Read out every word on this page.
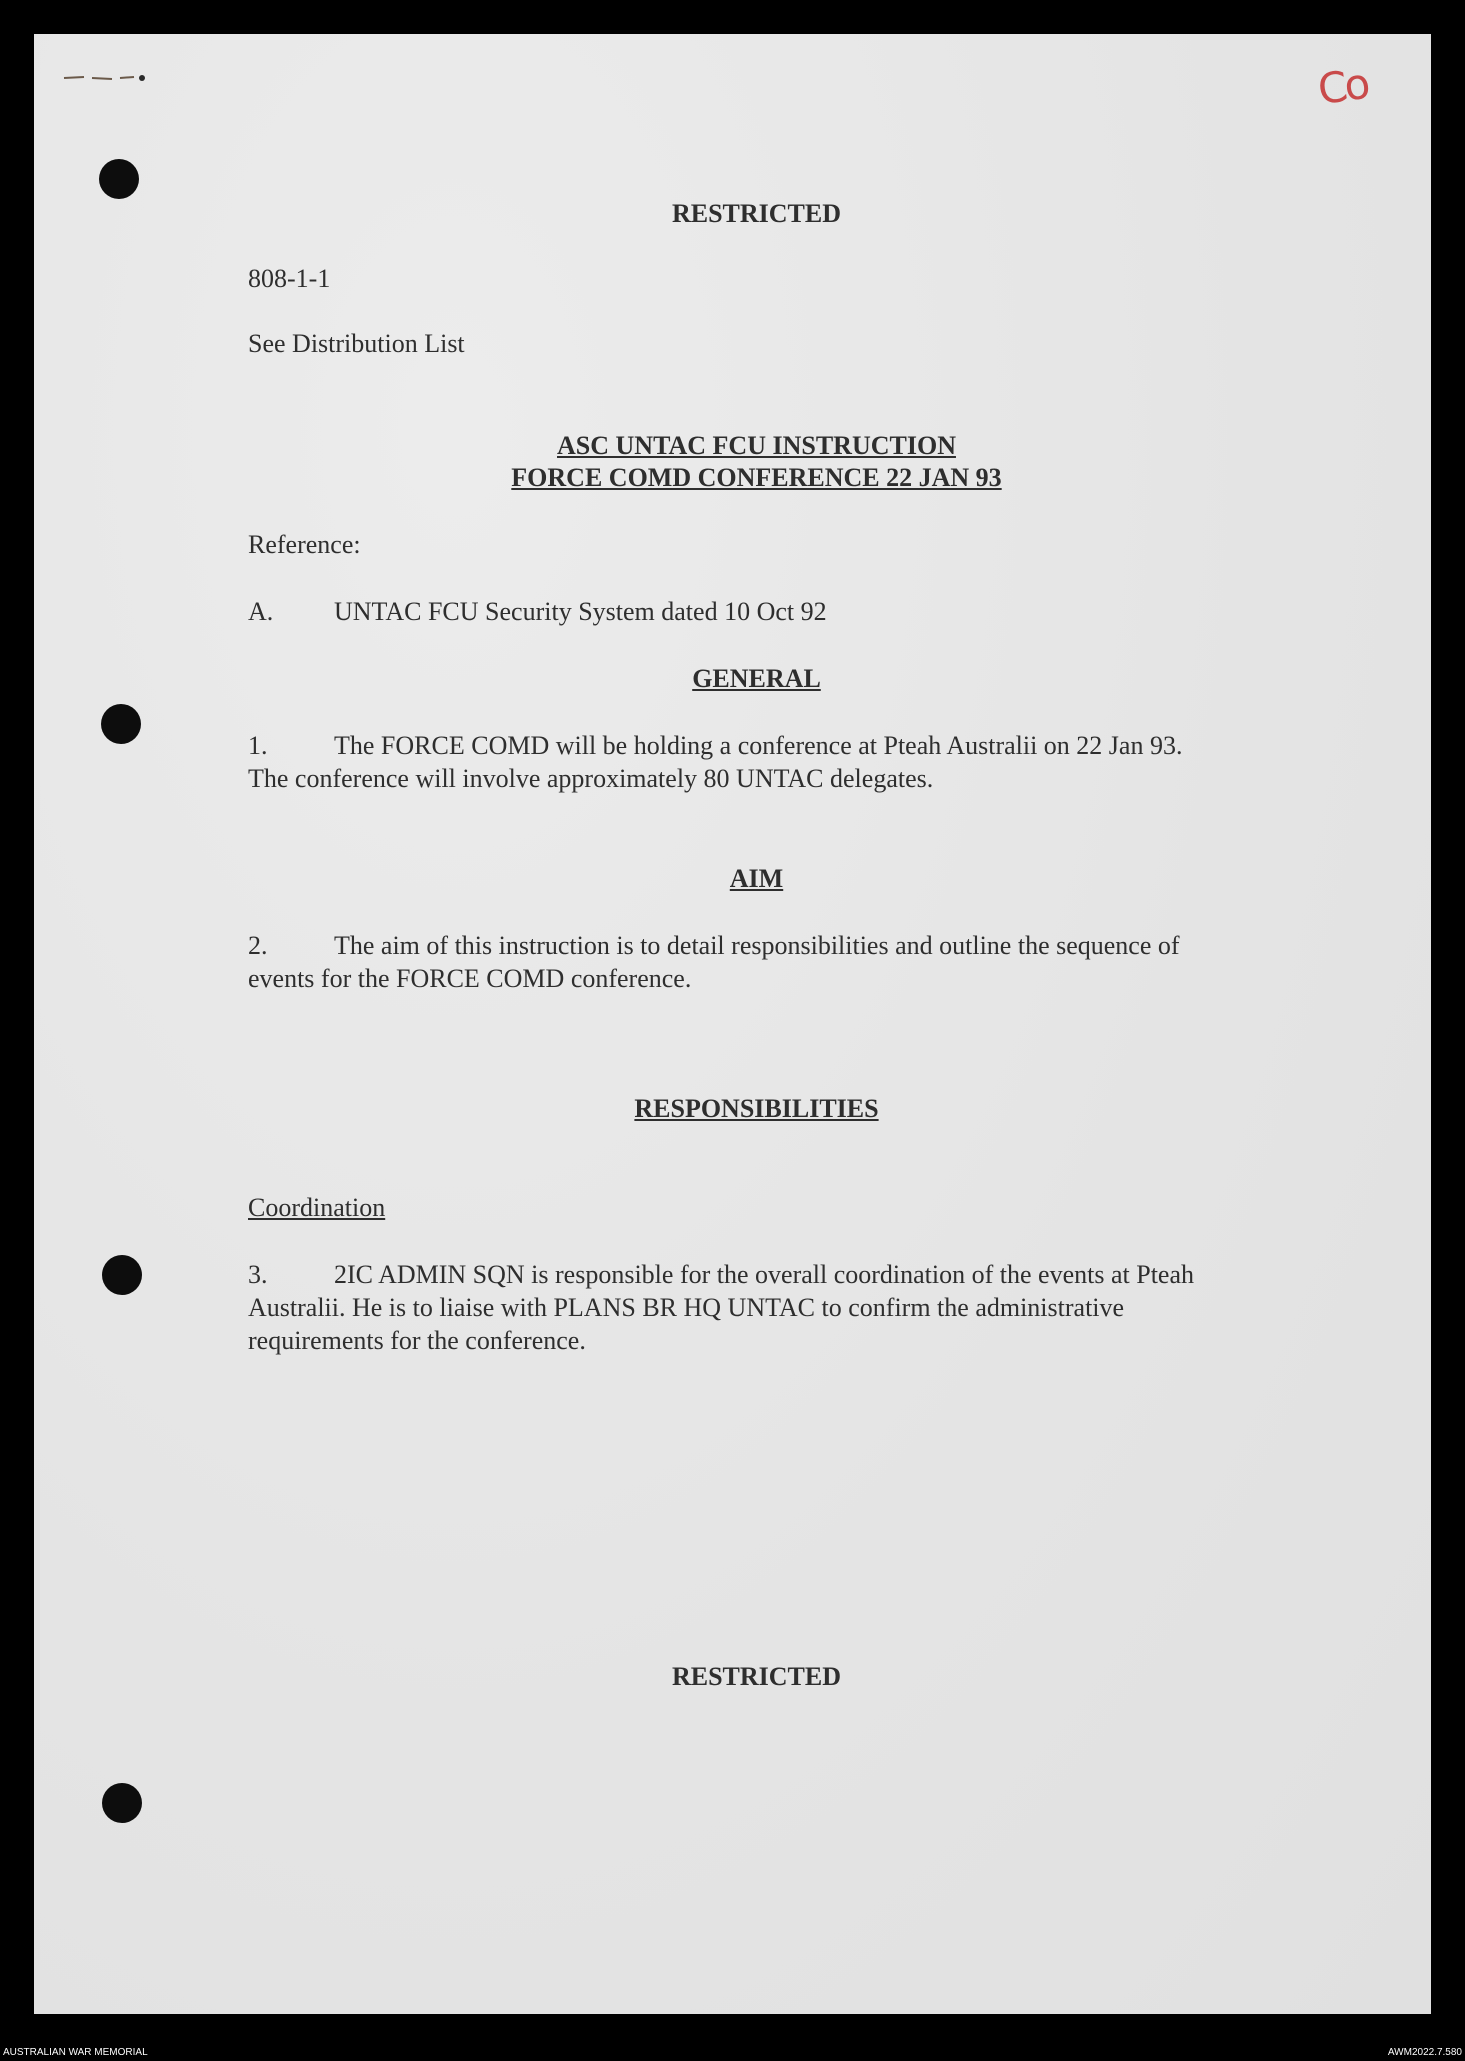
Co
RESTRICTED
808-1-1
See Distribution List
ASC UNTAC FCU INSTRUCTION
FORCE COMD CONFERENCE 22 JAN 93
Reference:
A. UNTAC FCU Security System dated 10 Oct 92
GENERAL
1.	The FORCE COMD will be holding a conference at Pteah Australii on 22 Jan 93.
The conference will involve approximately 80 UNTAC delegates.
AIM
2.	The aim of this instruction is to detail responsibilities and outline the sequence of
events for the FORCE COMD conference.
RESPONSIBILITIES
Coordination
3.	2IC ADMIN SQN is responsible for the overall coordination of the events at Pteah
Australii. He is to liaise with PLANS BR HQ UNTAC to confirm the administrative
requirements for the conference.
RESTRICTED
AUSTRALIAN WAR MEMORIAL	AWM2022.7.580
